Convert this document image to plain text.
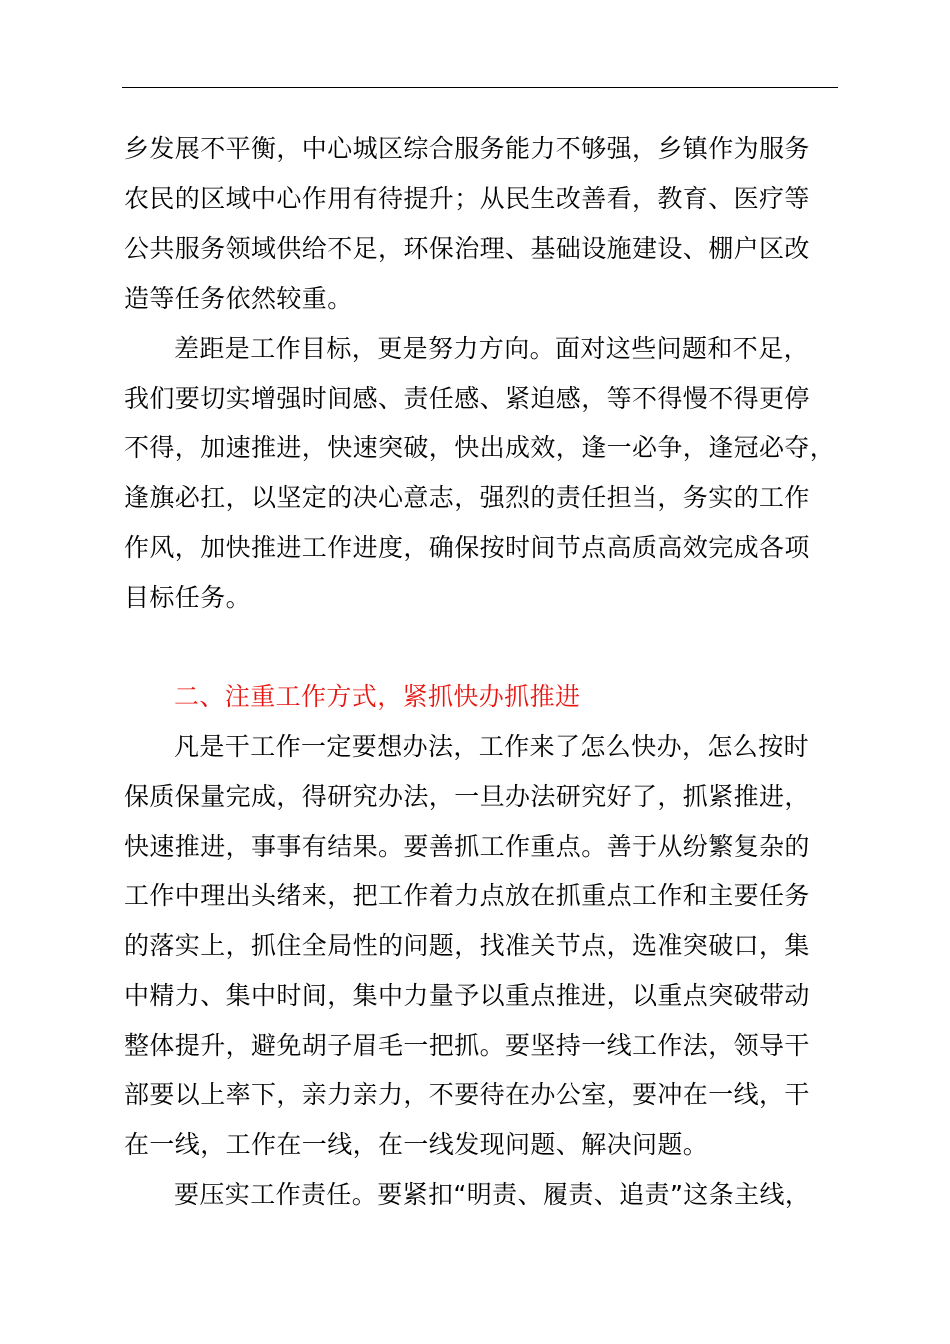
乡发展不平衡，中心城区综合服务能力不够强，乡镇作为服务
农民的区域中心作用有待提升；从民生改善看，教育、医疗等
公共服务领域供给不足，环保治理、基础设施建设、棚户区改
造等任务依然较重。
差距是工作目标，更是努力方向。面对这些问题和不足，
我们要切实增强时间感、责任感、紧迫感，等不得慢不得更停
不得，加速推进，快速突破，快出成效，逢一必争，逢冠必夺，
逢旗必扛，以坚定的决心意志，强烈的责任担当，务实的工作
作风，加快推进工作进度，确保按时间节点高质高效完成各项
目标任务。
二、注重工作方式，紧抓快办抓推进
凡是干工作一定要想办法，工作来了怎么快办，怎么按时
保质保量完成，得研究办法，一旦办法研究好了，抓紧推进，
快速推进，事事有结果。要善抓工作重点。善于从纷繁复杂的
工作中理出头绪来，把工作着力点放在抓重点工作和主要任务
的落实上，抓住全局性的问题，找准关节点，选准突破口，集
中精力、集中时间，集中力量予以重点推进，以重点突破带动
整体提升，避免胡子眉毛一把抓。要坚持一线工作法，领导干
部要以上率下，亲力亲力，不要待在办公室，要冲在一线，干
在一线，工作在一线，在一线发现问题、解决问题。
要压实工作责任。要紧扣“明责、履责、追责”这条主线，
